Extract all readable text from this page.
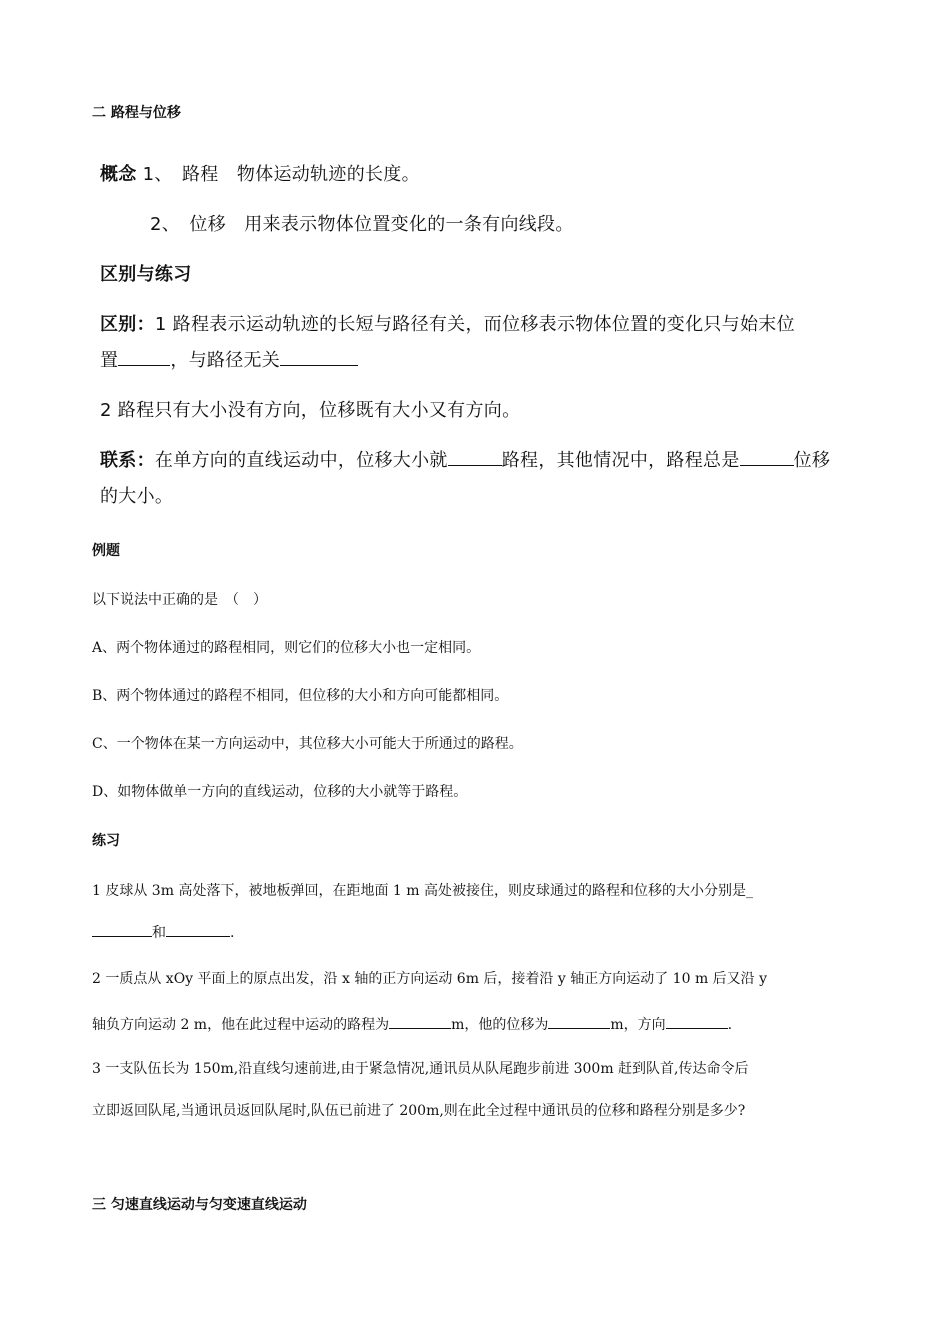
二 路程与位移
概念 1、　路程　物体运动轨迹的长度。
2、　位移　用来表示物体位置变化的一条有向线段。
区别与练习
区别：1 路程表示运动轨迹的长短与路径有关，而位移表示物体位置的变化只与始末位
置	，与路径无关
2 路程只有大小没有方向，位移既有大小又有方向。
联系：在单方向的直线运动中，位移大小就	路程，其他情况中，路程总是	位移
的大小。
例题
以下说法中正确的是　（　）
A、两个物体通过的路程相同，则它们的位移大小也一定相同。
B、两个物体通过的路程不相同，但位移的大小和方向可能都相同。
C、一个物体在某一方向运动中，其位移大小可能大于所通过的路程。
D、如物体做单一方向的直线运动，位移的大小就等于路程。
练习
1 皮球从 3m 高处落下，被地板弹回，在距地面 1 m 高处被接住，则皮球通过的路程和位移的大小分别是_
和	.
2 一质点从 xOy 平面上的原点出发，沿 x 轴的正方向运动 6m 后，接着沿 y 轴正方向运动了 10 m 后又沿 y
轴负方向运动 2 m，他在此过程中运动的路程为	m，他的位移为	m，方向	.
3 一支队伍长为 150m,沿直线匀速前进,由于紧急情况,通讯员从队尾跑步前进 300m 赶到队首,传达命令后
立即返回队尾,当通讯员返回队尾时,队伍已前进了 200m,则在此全过程中通讯员的位移和路程分别是多少?
三 匀速直线运动与匀变速直线运动
